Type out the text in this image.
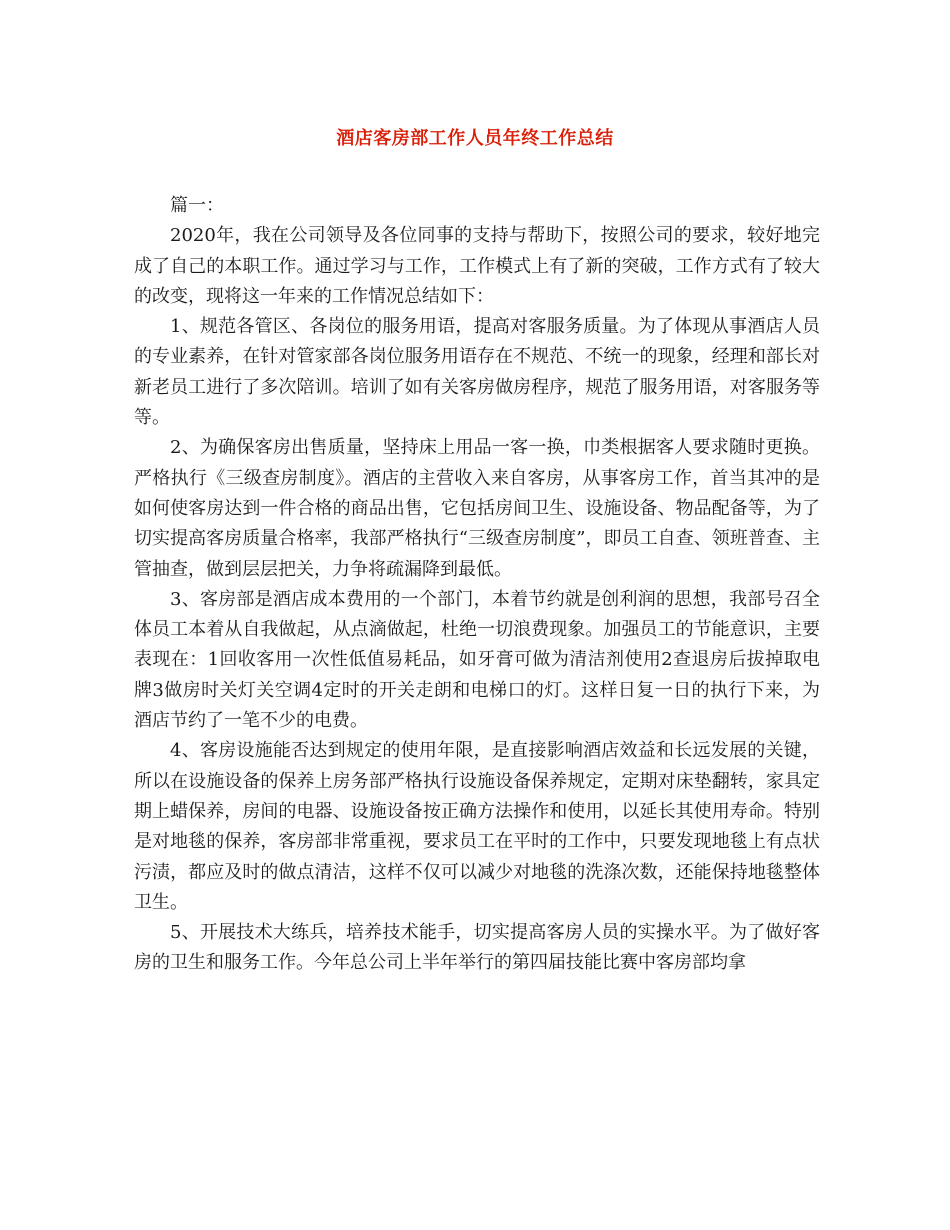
酒店客房部工作人员年终工作总结

篇一：

2020年，我在公司领导及各位同事的支持与帮助下，按照公司的要求，较好地完成了自己的本职工作。通过学习与工作，工作模式上有了新的突破，工作方式有了较大的改变，现将这一年来的工作情况总结如下：

1、规范各管区、各岗位的服务用语，提高对客服务质量。为了体现从事酒店人员的专业素养，在针对管家部各岗位服务用语存在不规范、不统一的现象，经理和部长对新老员工进行了多次陪训。培训了如有关客房做房程序，规范了服务用语，对客服务等等。

2、为确保客房出售质量，坚持床上用品一客一换，巾类根据客人要求随时更换。严格执行《三级查房制度》。酒店的主营收入来自客房，从事客房工作，首当其冲的是如何使客房达到一件合格的商品出售，它包括房间卫生、设施设备、物品配备等，为了切实提高客房质量合格率，我部严格执行“三级查房制度”，即员工自查、领班普查、主管抽查，做到层层把关，力争将疏漏降到最低。

3、客房部是酒店成本费用的一个部门，本着节约就是创利润的思想，我部号召全体员工本着从自我做起，从点滴做起，杜绝一切浪费现象。加强员工的节能意识，主要表现在：1回收客用一次性低值易耗品，如牙膏可做为清洁剂使用2查退房后拔掉取电牌3做房时关灯关空调4定时的开关走朗和电梯口的灯。这样日复一日的执行下来，为酒店节约了一笔不少的电费。

4、客房设施能否达到规定的使用年限，是直接影响酒店效益和长远发展的关键，所以在设施设备的保养上房务部严格执行设施设备保养规定，定期对床垫翻转，家具定期上蜡保养，房间的电器、设施设备按正确方法操作和使用，以延长其使用寿命。特别是对地毯的保养，客房部非常重视，要求员工在平时的工作中，只要发现地毯上有点状污渍，都应及时的做点清洁，这样不仅可以减少对地毯的洗涤次数，还能保持地毯整体卫生。

5、开展技术大练兵，培养技术能手，切实提高客房人员的实操水平。为了做好客房的卫生和服务工作。今年总公司上半年举行的第四届技能比赛中客房部均拿
